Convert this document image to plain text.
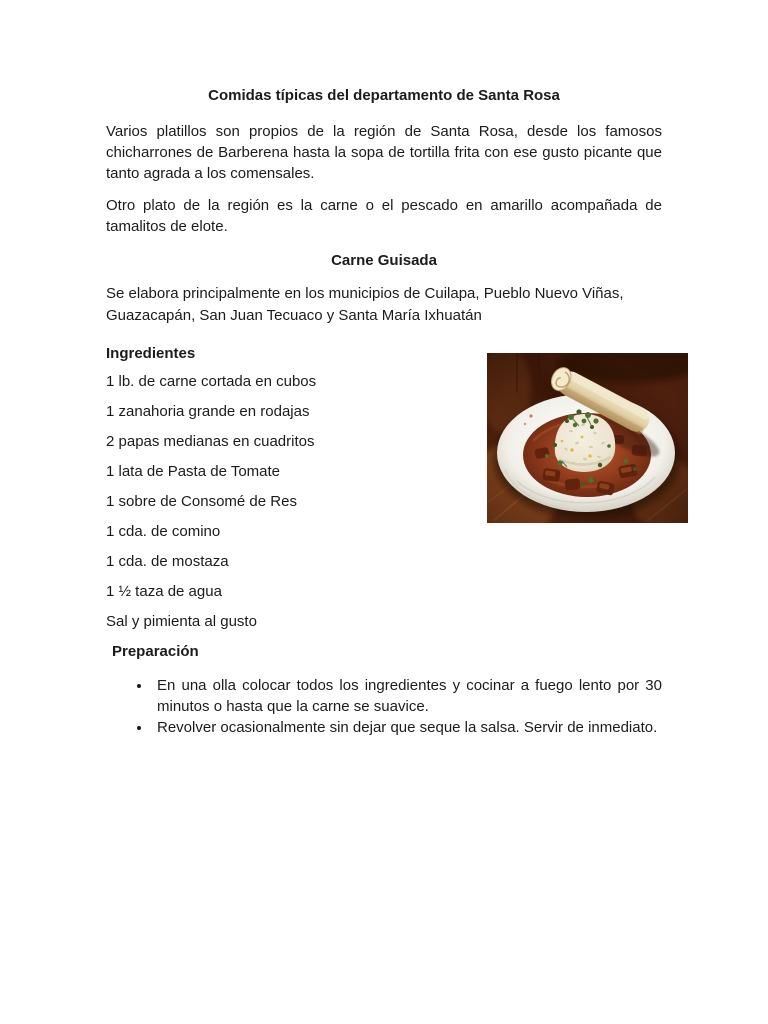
Comidas típicas del departamento de Santa Rosa

Varios platillos son propios de la región de Santa Rosa, desde los famosos chicharrones de Barberena hasta la sopa de tortilla frita con ese gusto picante que tanto agrada a los comensales.

Otro plato de la región es la carne o el pescado en amarillo acompañada de tamalitos de elote.

Carne Guisada

Se elabora principalmente en los municipios de Cuilapa, Pueblo Nuevo Viñas, Guazacapán, San Juan Tecuaco y Santa María Ixhuatán

Ingredientes
1 lb. de carne cortada en cubos
1 zanahoria grande en rodajas
2 papas medianas en cuadritos
1 lata de Pasta de Tomate
1 sobre de Consomé de Res
1 cda. de comino
1 cda. de mostaza
1 ½ taza de agua
Sal y pimienta al gusto
Preparación
• En una olla colocar todos los ingredientes y cocinar a fuego lento por 30 minutos o hasta que la carne se suavice.
• Revolver ocasionalmente sin dejar que seque la salsa. Servir de inmediato.
